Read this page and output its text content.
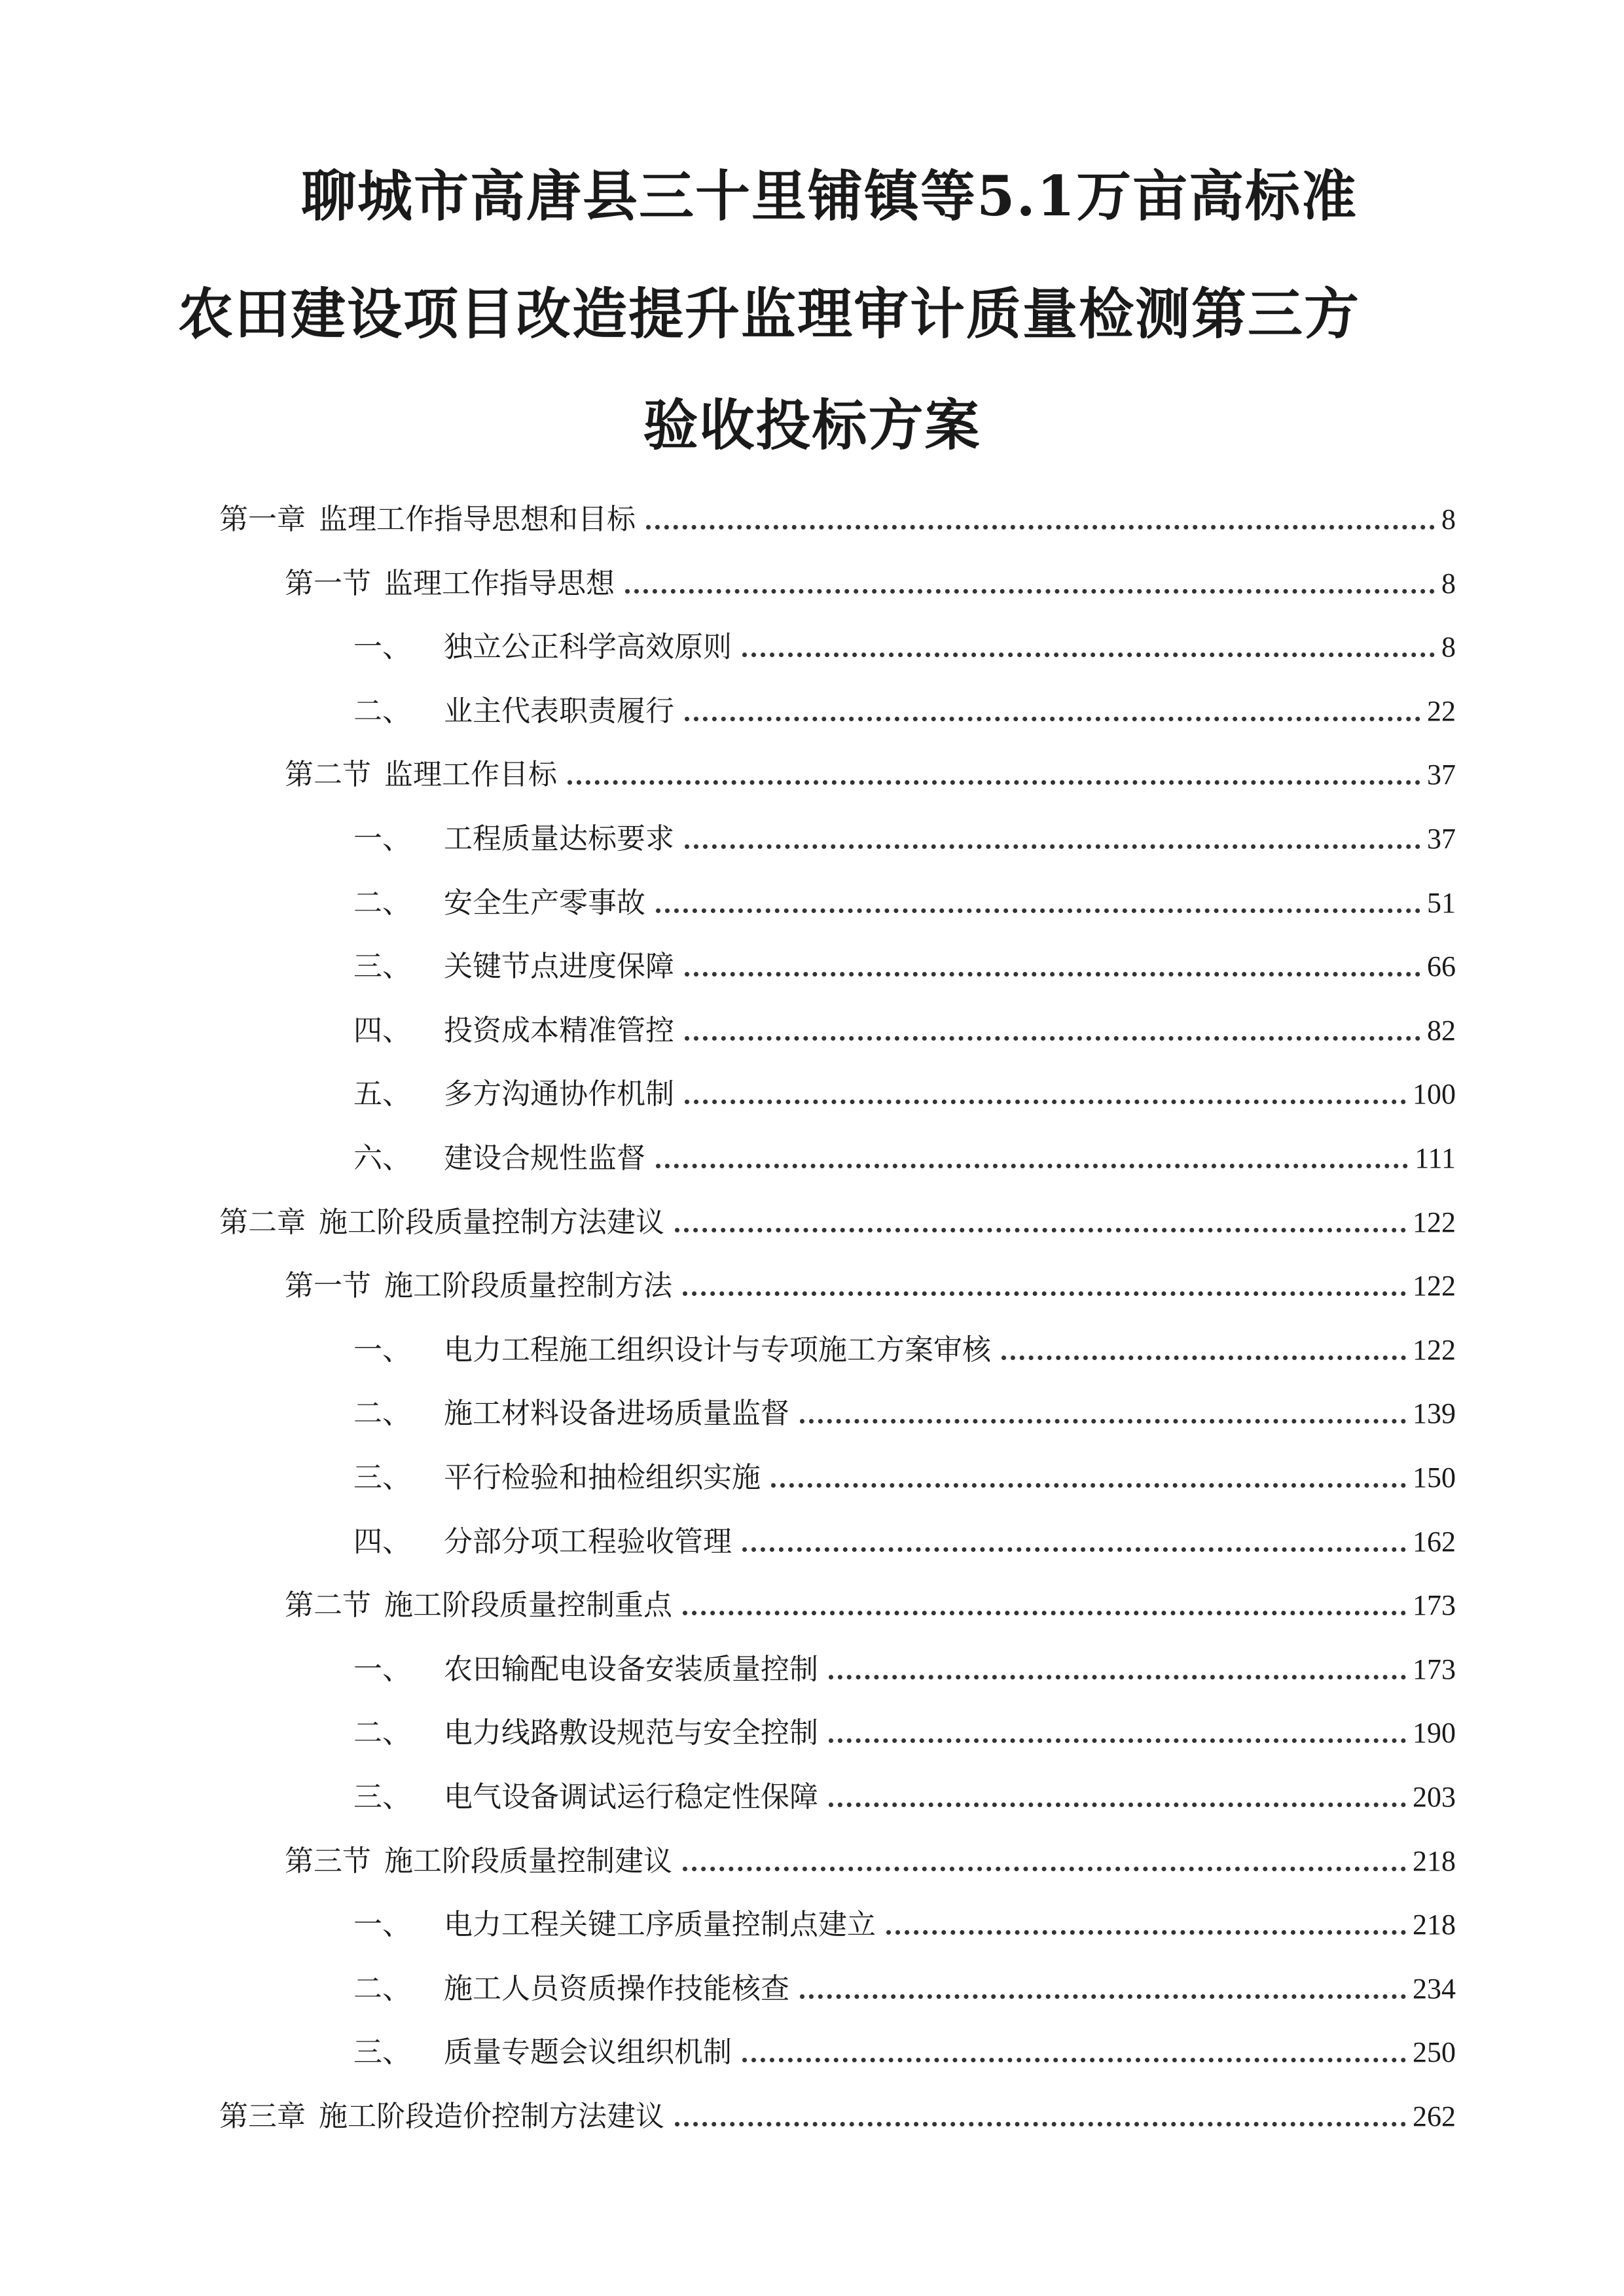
聊城市高唐县三十里铺镇等5.1万亩高标准
农田建设项目改造提升监理审计质量检测第三方
验收投标方案
第一章 监理工作指导思想和目标	8
第一节 监理工作指导思想	8
一、 独立公正科学高效原则	8
二、 业主代表职责履行	22
第二节 监理工作目标	37
一、 工程质量达标要求	37
二、 安全生产零事故	51
三、 关键节点进度保障	66
四、 投资成本精准管控	82
五、 多方沟通协作机制	100
六、 建设合规性监督	111
第二章 施工阶段质量控制方法建议	122
第一节 施工阶段质量控制方法	122
一、 电力工程施工组织设计与专项施工方案审核	122
二、 施工材料设备进场质量监督	139
三、 平行检验和抽检组织实施	150
四、 分部分项工程验收管理	162
第二节 施工阶段质量控制重点	173
一、 农田输配电设备安装质量控制	173
二、 电力线路敷设规范与安全控制	190
三、 电气设备调试运行稳定性保障	203
第三节 施工阶段质量控制建议	218
一、 电力工程关键工序质量控制点建立	218
二、 施工人员资质操作技能核查	234
三、 质量专题会议组织机制	250
第三章 施工阶段造价控制方法建议	262
